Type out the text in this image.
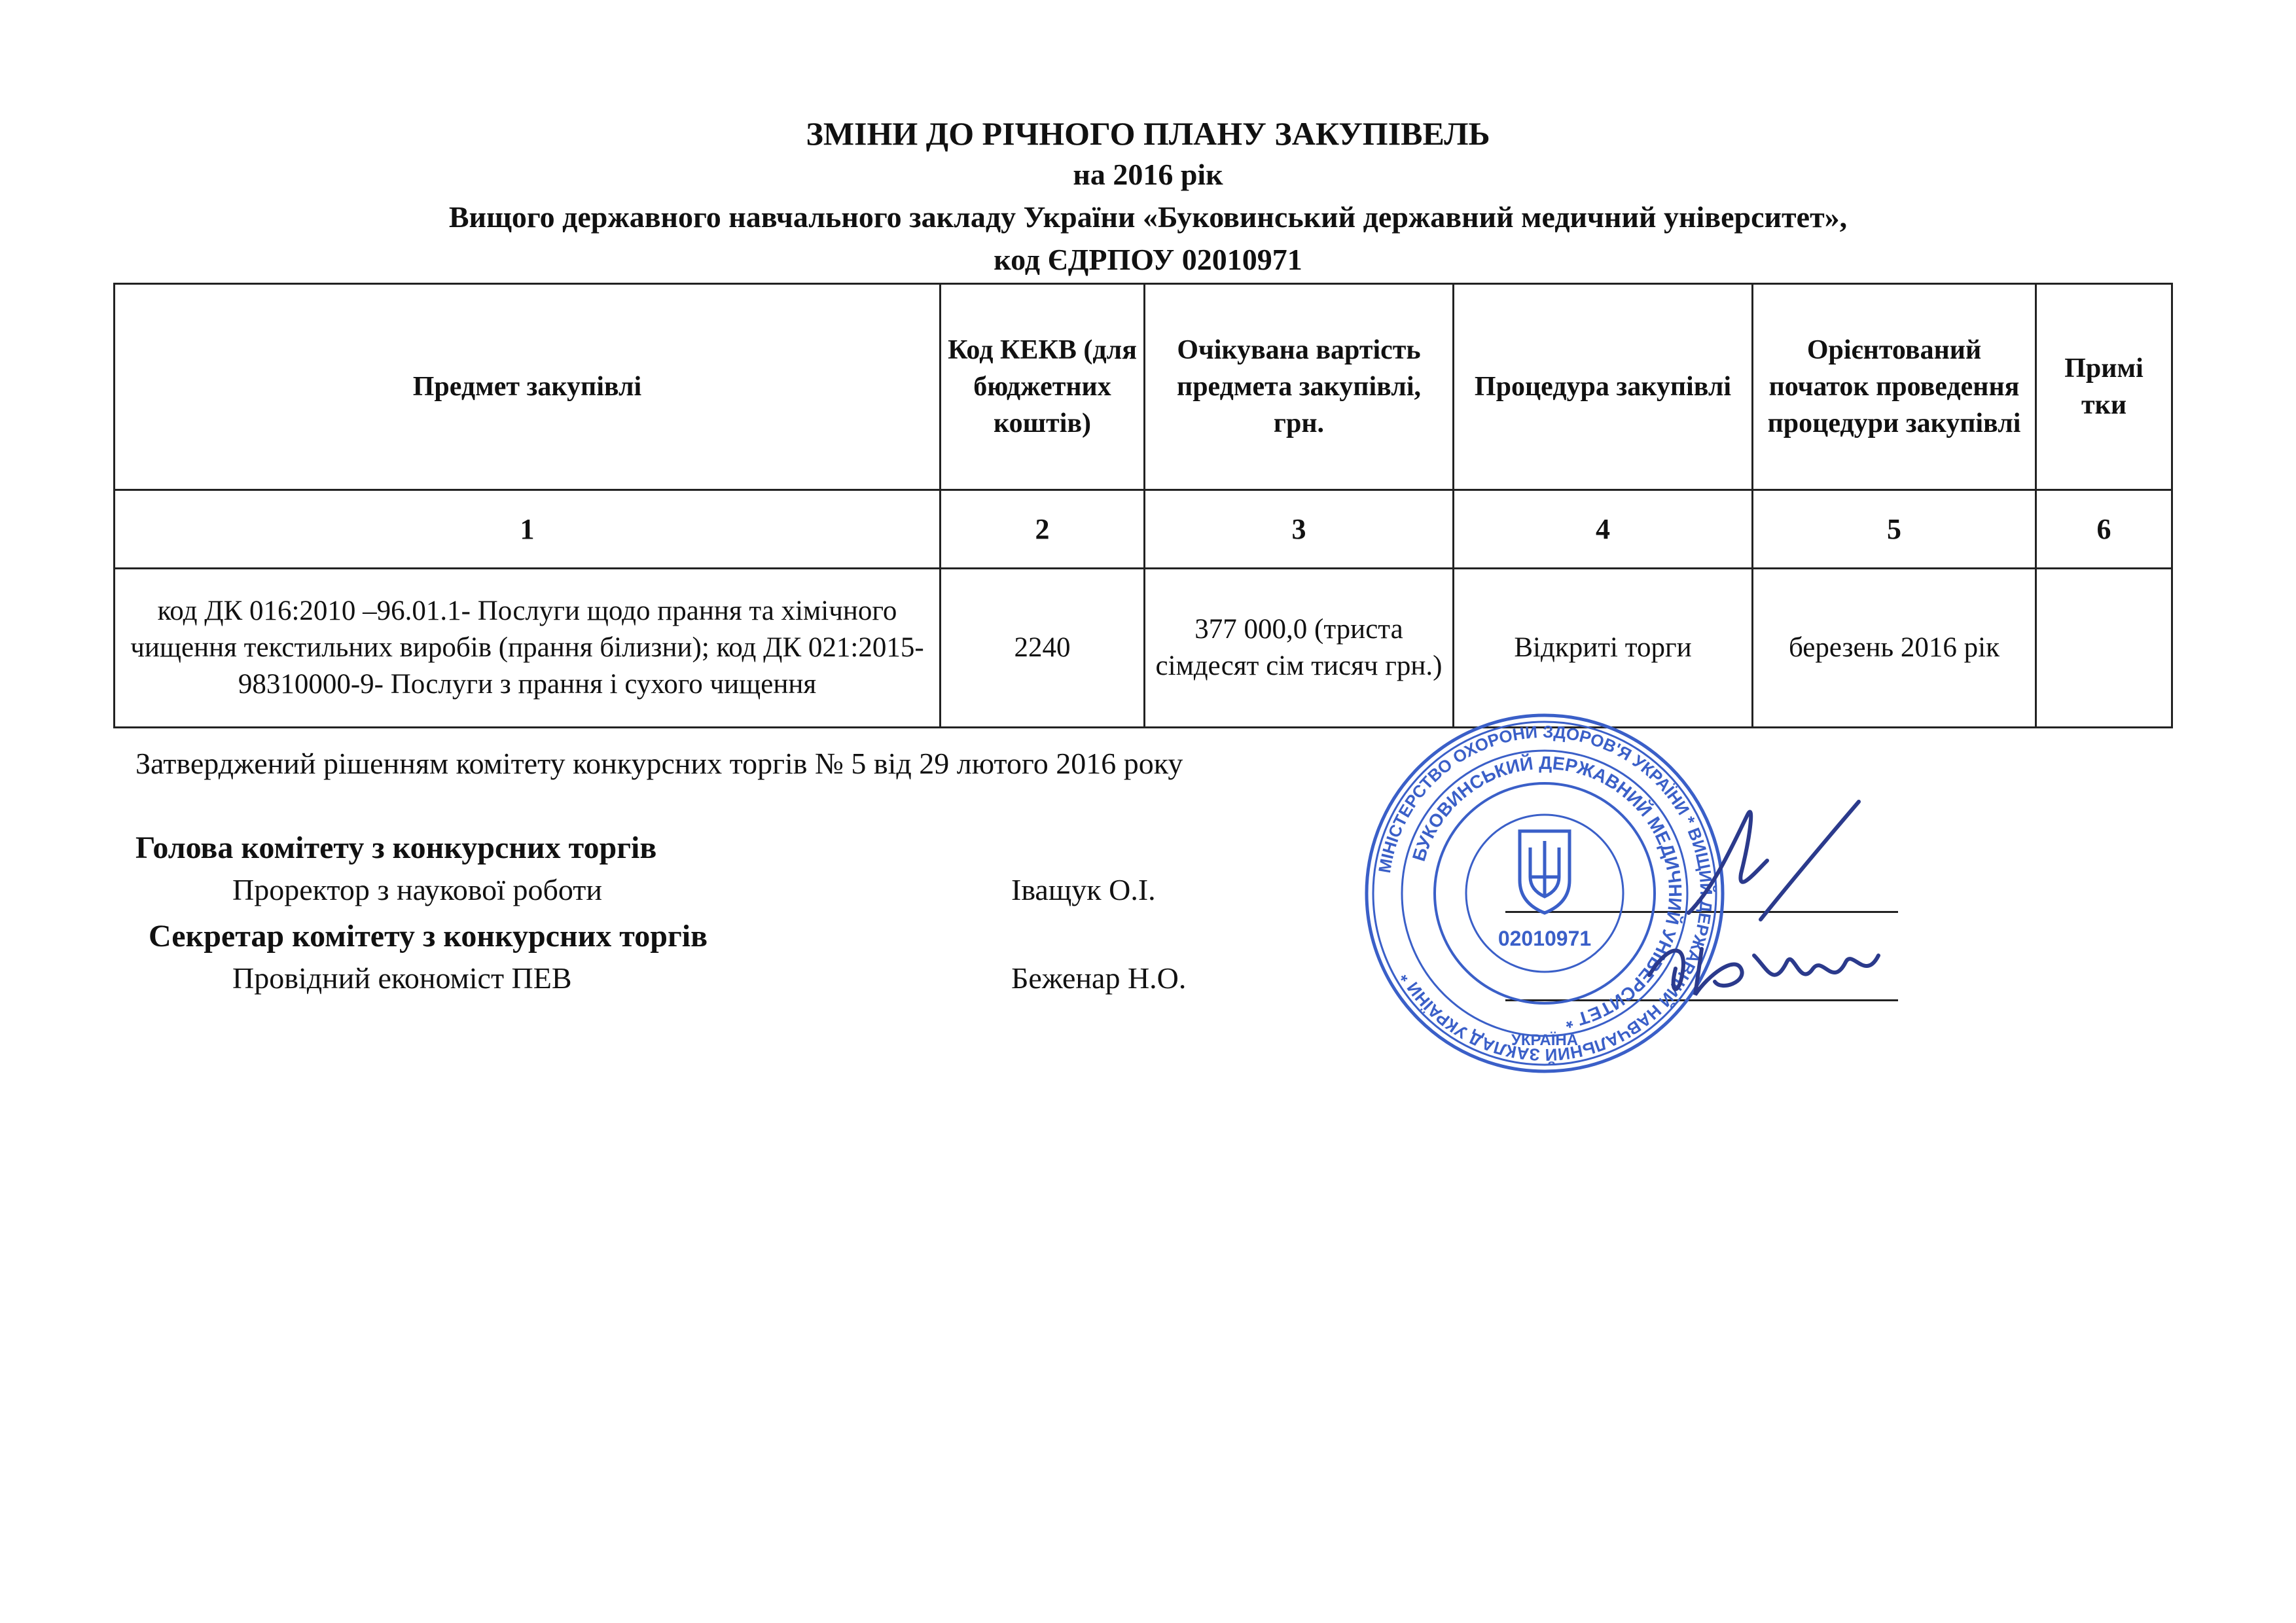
ЗМІНИ ДО РІЧНОГО ПЛАНУ ЗАКУПІВЕЛЬ
на 2016 рік
Вищого державного навчального закладу України «Буковинський державний медичний університет»,
код ЄДРПОУ 02010971
Предмет закупівлі	Код КЕКВ (для бюджетних коштів)	Очікувана вартість предмета закупівлі, грн.	Процедура закупівлі	Орієнтований початок проведення процедури закупівлі	Примі тки
1	2	3	4	5	6
код ДК 016:2010 –96.01.1- Послуги щодо прання та хімічного чищення текстильних виробів (прання білизни); код ДК 021:2015- 98310000-9- Послуги з прання і сухого чищення	2240	377 000,0 (триста сімдесят сім тисяч грн.)	Відкриті торги	березень 2016 рік	
Затверджений рішенням комітету конкурсних торгів № 5 від 29 лютого 2016 року
Голова комітету з конкурсних торгів
Проректор з наукової роботи	Іващук О.І.
Секретар комітету з конкурсних торгів
Провідний економіст ПЕВ	Беженар Н.О.
МІНІСТЕРСТВО ОХОРОНИ ЗДОРОВ'Я УКРАЇНИ * ВИЩИЙ ДЕРЖАВНИЙ НАВЧАЛЬНИЙ ЗАКЛАД УКРАЇНИ *
БУКОВИНСЬКИЙ ДЕРЖАВНИЙ МЕДИЧНИЙ УНІВЕРСИТЕТ *
02010971
УКРАЇНА
